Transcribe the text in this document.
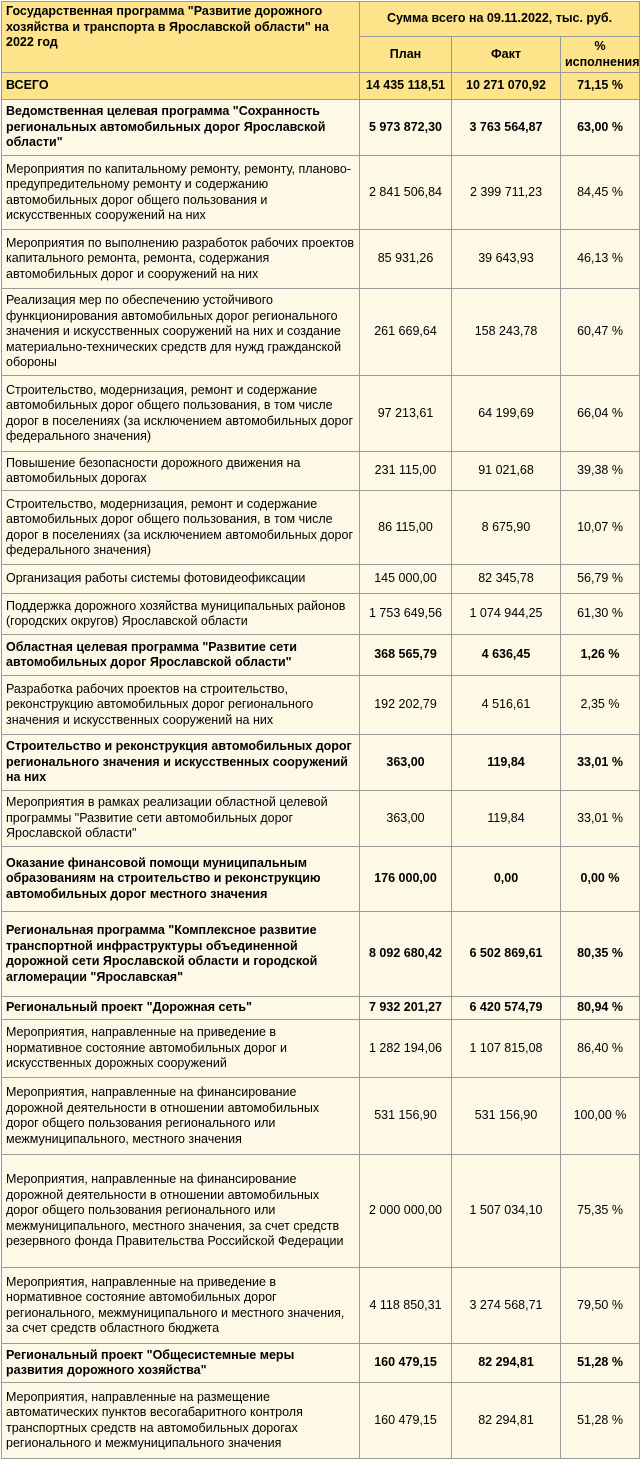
Государственная программа "Развитие дорожного хозяйства и транспорта в Ярославской области" на 2022 год	Сумма всего на 09.11.2022, тыс. руб.		
	План	Факт	% исполнения
ВСЕГО	14 435 118,51	10 271 070,92	71,15 %
Ведомственная целевая программа "Сохранность региональных автомобильных дорог Ярославской области"	5 973 872,30	3 763 564,87	63,00 %
Мероприятия по капитальному ремонту, ремонту, планово-предупредительному ремонту и содержанию автомобильных дорог общего пользования и искусственных сооружений на них	2 841 506,84	2 399 711,23	84,45 %
Мероприятия по выполнению разработок рабочих проектов капитального ремонта, ремонта, содержания автомобильных дорог и сооружений на них	85 931,26	39 643,93	46,13 %
Реализация мер по обеспечению устойчивого функционирования автомобильных дорог регионального значения и искусственных сооружений на них и создание материально-технических средств для нужд гражданской обороны	261 669,64	158 243,78	60,47 %
Строительство, модернизация, ремонт и содержание автомобильных дорог общего пользования, в том числе дорог в поселениях (за исключением автомобильных дорог федерального значения)	97 213,61	64 199,69	66,04 %
Повышение безопасности дорожного движения на автомобильных дорогах	231 115,00	91 021,68	39,38 %
Строительство, модернизация, ремонт и содержание автомобильных дорог общего пользования, в том числе дорог в поселениях (за исключением автомобильных дорог федерального значения)	86 115,00	8 675,90	10,07 %
Организация работы системы фотовидеофиксации	145 000,00	82 345,78	56,79 %
Поддержка дорожного хозяйства муниципальных районов (городских округов) Ярославской области	1 753 649,56	1 074 944,25	61,30 %
Областная целевая программа "Развитие сети автомобильных дорог Ярославской области"	368 565,79	4 636,45	1,26 %
Разработка рабочих проектов на строительство, реконструкцию автомобильных дорог регионального значения и искусственных сооружений на них	192 202,79	4 516,61	2,35 %
Строительство и реконструкция автомобильных дорог регионального значения и искусственных сооружений на них	363,00	119,84	33,01 %
Мероприятия в рамках реализации областной целевой программы "Развитие сети автомобильных дорог Ярославской области"	363,00	119,84	33,01 %
Оказание финансовой помощи муниципальным образованиям на строительство и реконструкцию автомобильных дорог местного значения	176 000,00	0,00	0,00 %
Региональная программа "Комплексное развитие транспортной инфраструктуры объединенной дорожной сети Ярославской области и городской агломерации "Ярославская"	8 092 680,42	6 502 869,61	80,35 %
Региональный проект "Дорожная сеть"	7 932 201,27	6 420 574,79	80,94 %
Мероприятия, направленные на приведение в нормативное состояние автомобильных дорог и искусственных дорожных сооружений	1 282 194,06	1 107 815,08	86,40 %
Мероприятия, направленные на финансирование дорожной деятельности в отношении автомобильных дорог общего пользования регионального или межмуниципального, местного значения	531 156,90	531 156,90	100,00 %
Мероприятия, направленные на финансирование дорожной деятельности в отношении автомобильных дорог общего пользования регионального или межмуниципального, местного значения, за счет средств резервного фонда Правительства Российской Федерации	2 000 000,00	1 507 034,10	75,35 %
Мероприятия, направленные на приведение в нормативное состояние автомобильных дорог регионального, межмуниципального и местного значения, за счет средств областного бюджета	4 118 850,31	3 274 568,71	79,50 %
Региональный проект "Общесистемные меры развития дорожного хозяйства"	160 479,15	82 294,81	51,28 %
Мероприятия, направленные на размещение автоматических пунктов весогабаритного контроля транспортных средств на автомобильных дорогах регионального и межмуниципального значения	160 479,15	82 294,81	51,28 %
